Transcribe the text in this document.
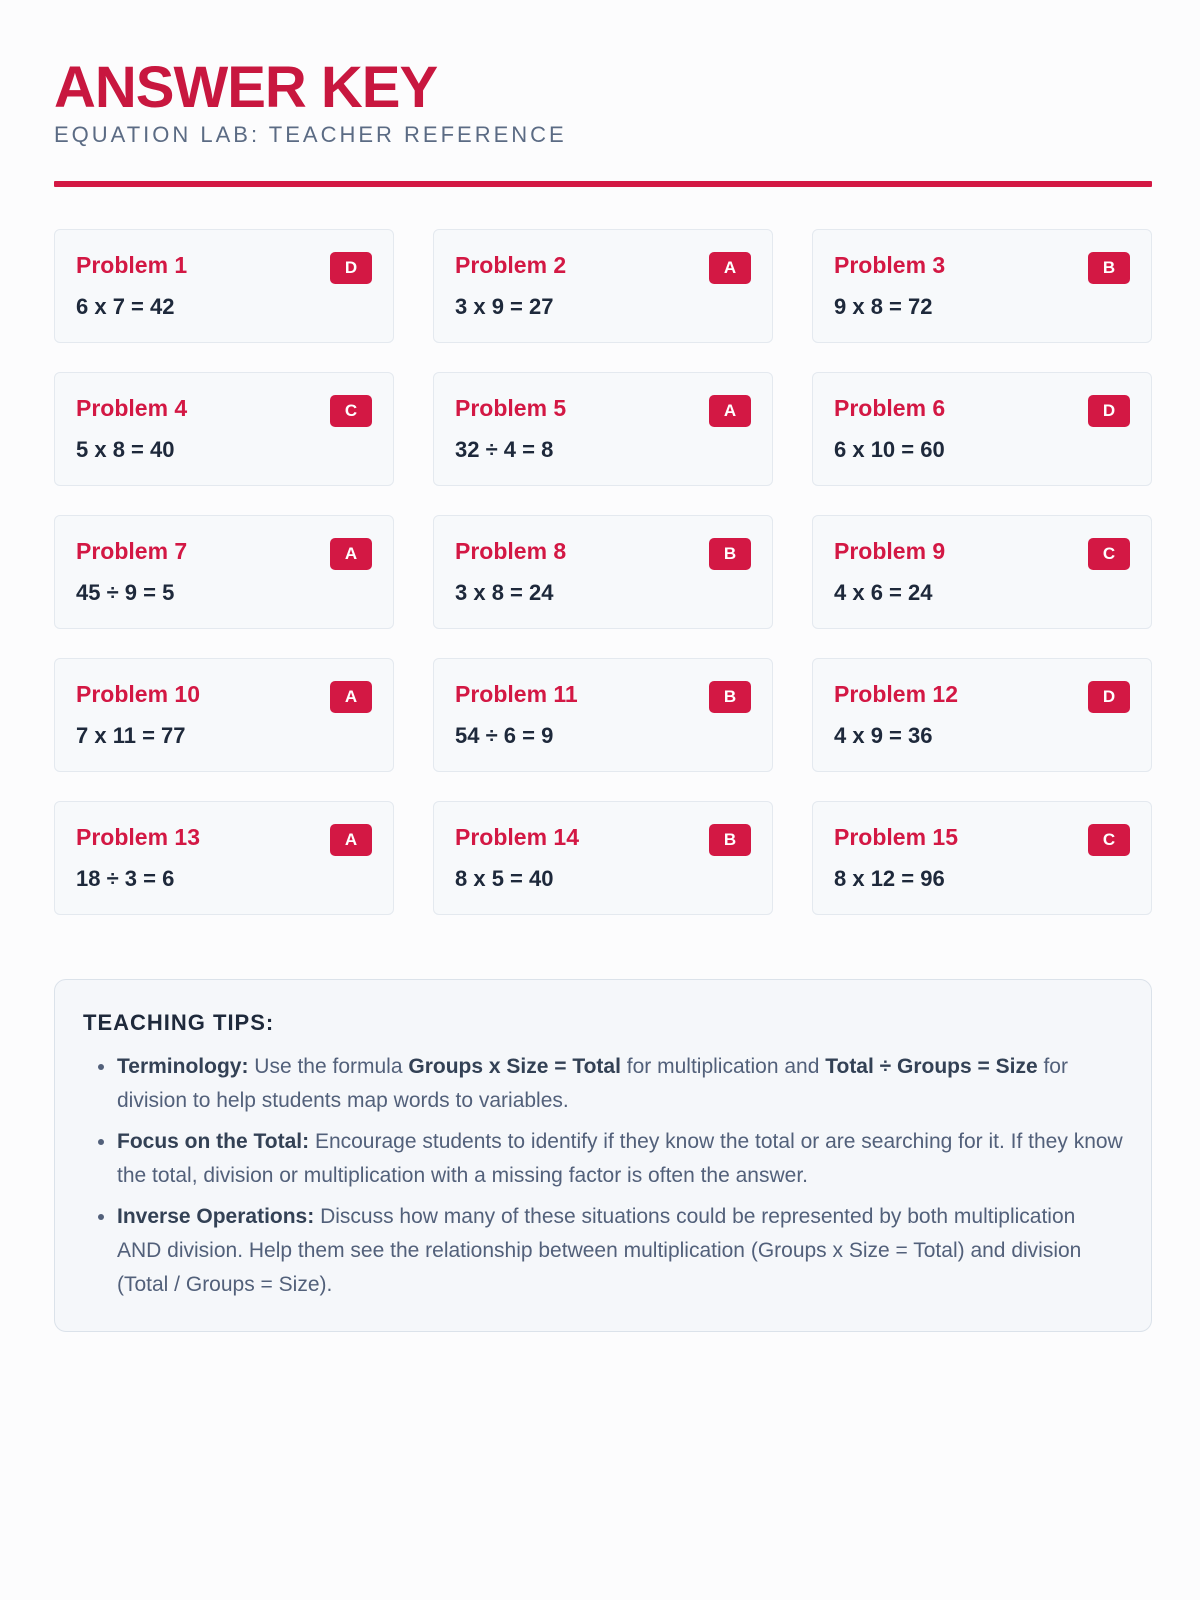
ANSWER KEY
EQUATION LAB: TEACHER REFERENCE
Problem 1	D
6 x 7 = 42
Problem 2	A
3 x 9 = 27
Problem 3	B
9 x 8 = 72
Problem 4	C
5 x 8 = 40
Problem 5	A
32 ÷ 4 = 8
Problem 6	D
6 x 10 = 60
Problem 7	A
45 ÷ 9 = 5
Problem 8	B
3 x 8 = 24
Problem 9	C
4 x 6 = 24
Problem 10	A
7 x 11 = 77
Problem 11	B
54 ÷ 6 = 9
Problem 12	D
4 x 9 = 36
Problem 13	A
18 ÷ 3 = 6
Problem 14	B
8 x 5 = 40
Problem 15	C
8 x 12 = 96
TEACHING TIPS:
• Terminology: Use the formula Groups x Size = Total for multiplication and Total ÷ Groups = Size for division to help students map words to variables.
• Focus on the Total: Encourage students to identify if they know the total or are searching for it. If they know the total, division or multiplication with a missing factor is often the answer.
• Inverse Operations: Discuss how many of these situations could be represented by both multiplication AND division. Help them see the relationship between multiplication (Groups x Size = Total) and division (Total / Groups = Size).
